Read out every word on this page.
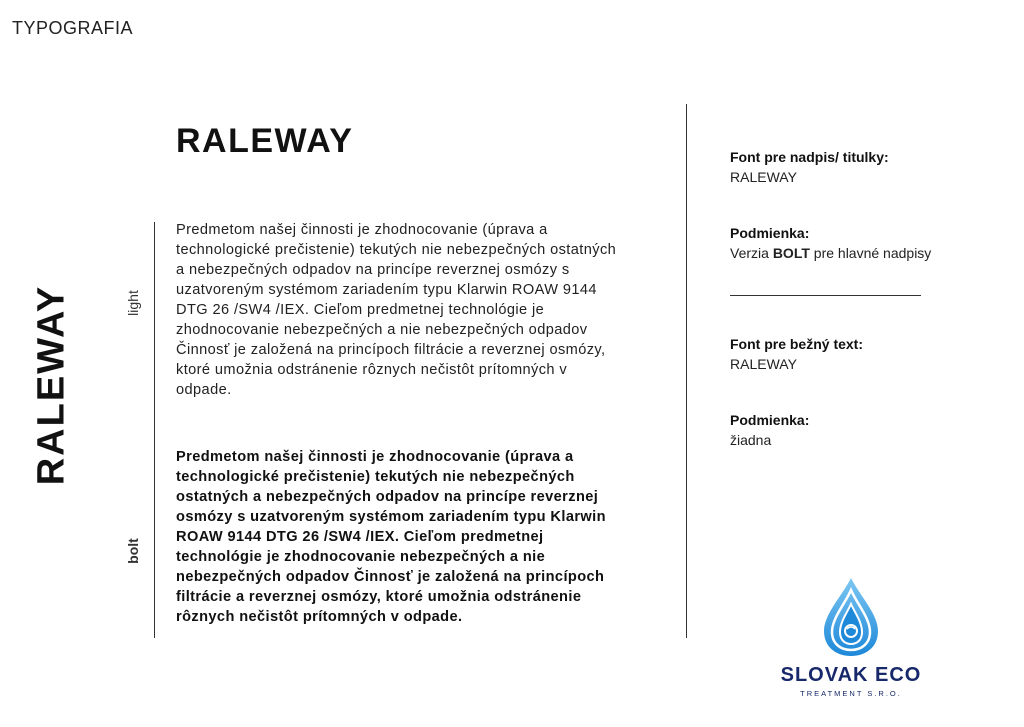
TYPOGRAFIA
RALEWAY
RALEWAY	light
bolt
Predmetom našej činnosti je zhodnocovanie (úprava a technologické prečistenie) tekutých nie nebezpečných ostatných a nebezpečných odpadov na princípe reverznej osmózy s uzatvoreným systémom zariadením typu Klarwin ROAW 9144 DTG 26 /SW4 /IEX. Cieľom predmetnej technológie je zhodnocovanie nebezpečných a nie nebezpečných odpadov Činnosť je založená na princípoch filtrácie a reverznej osmózy, ktoré umožnia odstránenie rôznych nečistôt prítomných v odpade.
Predmetom našej činnosti je zhodnocovanie (úprava a technologické prečistenie) tekutých nie nebezpečných ostatných a nebezpečných odpadov na princípe reverznej osmózy s uzatvoreným systémom zariadením typu Klarwin ROAW 9144 DTG 26 /SW4 /IEX. Cieľom predmetnej technológie je zhodnocovanie nebezpečných a nie nebezpečných odpadov Činnosť je založená na princípoch filtrácie a reverznej osmózy, ktoré umožnia odstránenie rôznych nečistôt prítomných v odpade.
Font pre nadpis/ titulky:
RALEWAY
Podmienka:
Verzia BOLT pre hlavné nadpisy
Font pre bežný text:
RALEWAY
Podmienka:
žiadna
SLOVAK ECO
TREATMENT S.R.O.
